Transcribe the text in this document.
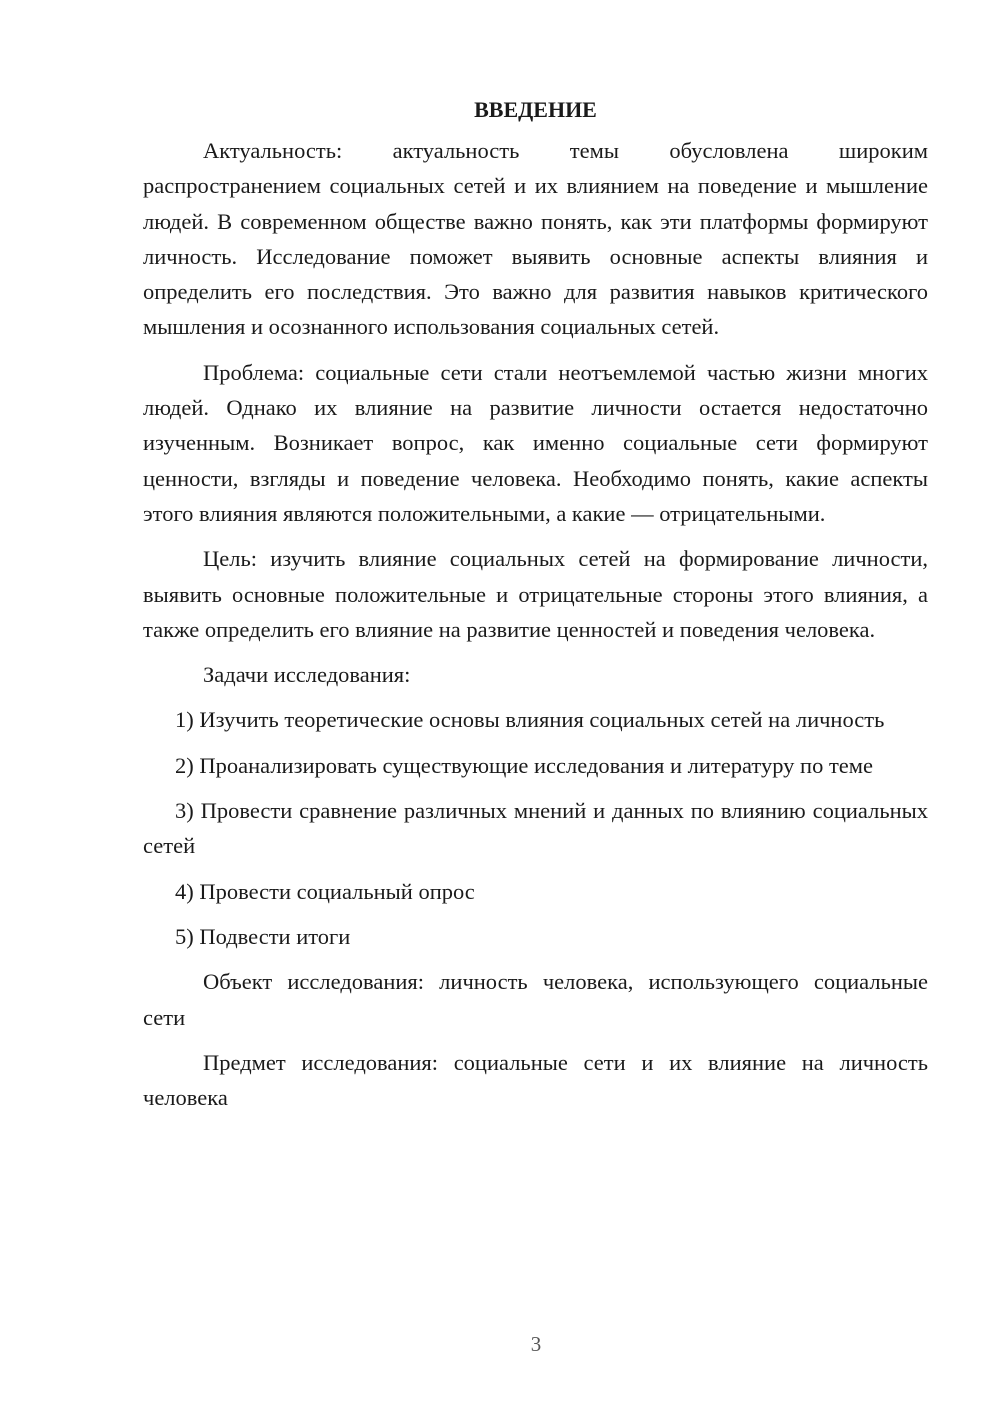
ВВЕДЕНИЕ

Актуальность: актуальность темы обусловлена широким распространением социальных сетей и их влиянием на поведение и мышление людей. В современном обществе важно понять, как эти платформы формируют личность. Исследование поможет выявить основные аспекты влияния и определить его последствия. Это важно для развития навыков критического мышления и осознанного использования социальных сетей.

Проблема: социальные сети стали неотъемлемой частью жизни многих людей. Однако их влияние на развитие личности остается недостаточно изученным. Возникает вопрос, как именно социальные сети формируют ценности, взгляды и поведение человека. Необходимо понять, какие аспекты этого влияния являются положительными, а какие — отрицательными.

Цель: изучить влияние социальных сетей на формирование личности, выявить основные положительные и отрицательные стороны этого влияния, а также определить его влияние на развитие ценностей и поведения человека.

Задачи исследования:

1) Изучить теоретические основы влияния социальных сетей на личность

2) Проанализировать существующие исследования и литературу по теме

3) Провести сравнение различных мнений и данных по влиянию социальных сетей

4) Провести социальный опрос

5) Подвести итоги

Объект исследования: личность человека, использующего социальные сети

Предмет исследования: социальные сети и их влияние на личность человека

3
